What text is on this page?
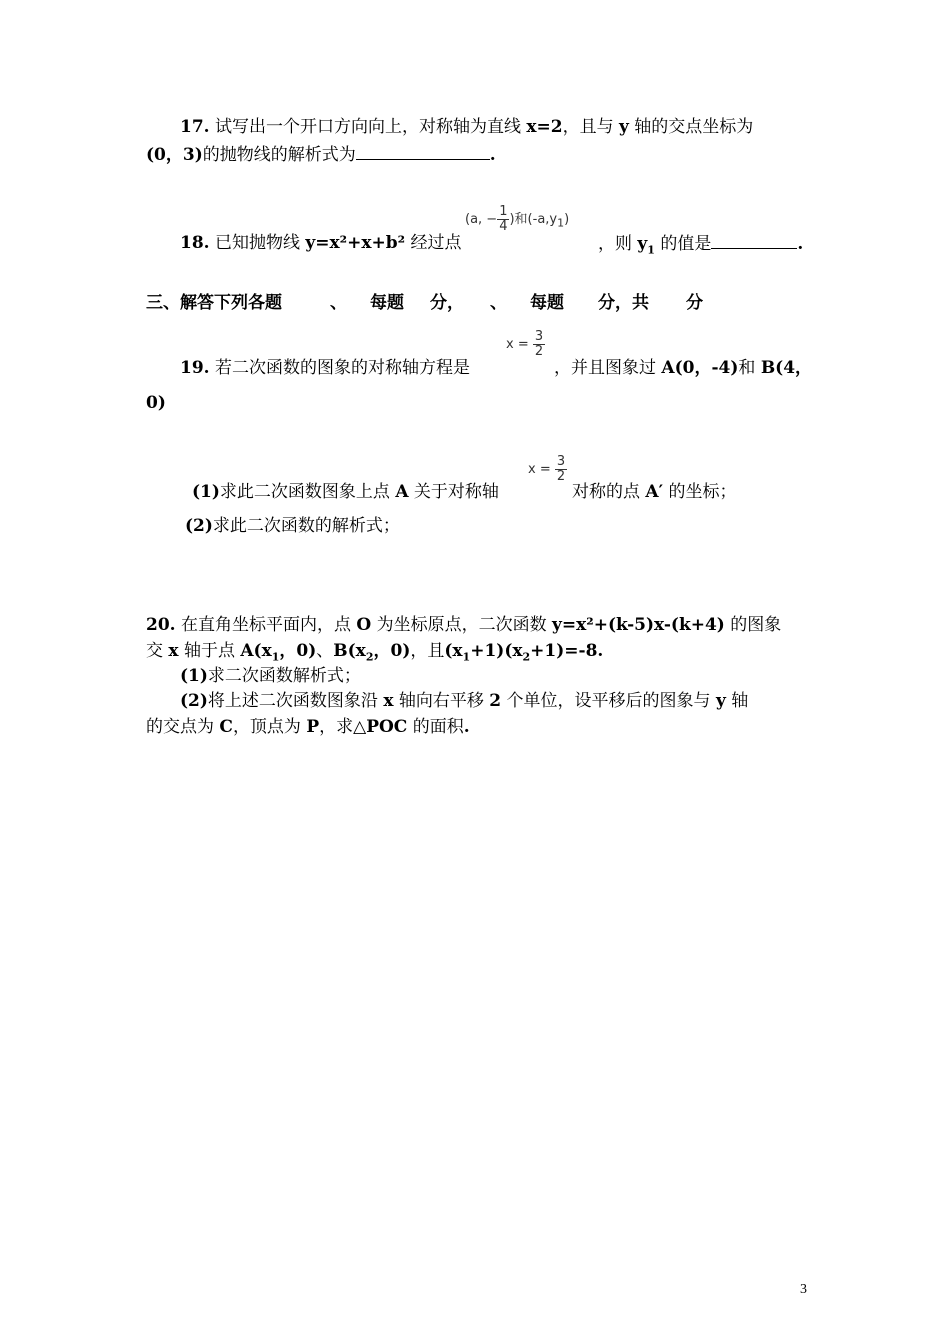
17. 试写出一个开口方向向上，对称轴为直线 x=2，且与 y 轴的交点坐标为
(0，3)的抛物线的解析式为	.
(a, − $\frac{1}{4}$ )和$(-a,y_1)$
18. 已知抛物线 y=x²+x+b² 经过点	，则 $y_1$ 的值是	.
三、解答下列各题	、 每题 分， 、 每题 分，共 分
$x = \frac{3}{2}$
19. 若二次函数的图象的对称轴方程是	，并且图象过 A(0，-4)和 B(4，
0)
$x = \frac{3}{2}$
(1)求此二次函数图象上点 A 关于对称轴	对称的点 A′ 的坐标；
(2)求此二次函数的解析式；
20. 在直角坐标平面内，点 O 为坐标原点，二次函数 y=x²+(k-5)x-(k+4) 的图象
交 x 轴于点 $A(x_1$，0)、$B(x_2$，0)，且$(x_1+1)(x_2+1)=-8$.
(1)求二次函数解析式；
(2)将上述二次函数图象沿 x 轴向右平移 2 个单位，设平移后的图象与 y 轴
的交点为 C，顶点为 P，求△POC 的面积.
3
